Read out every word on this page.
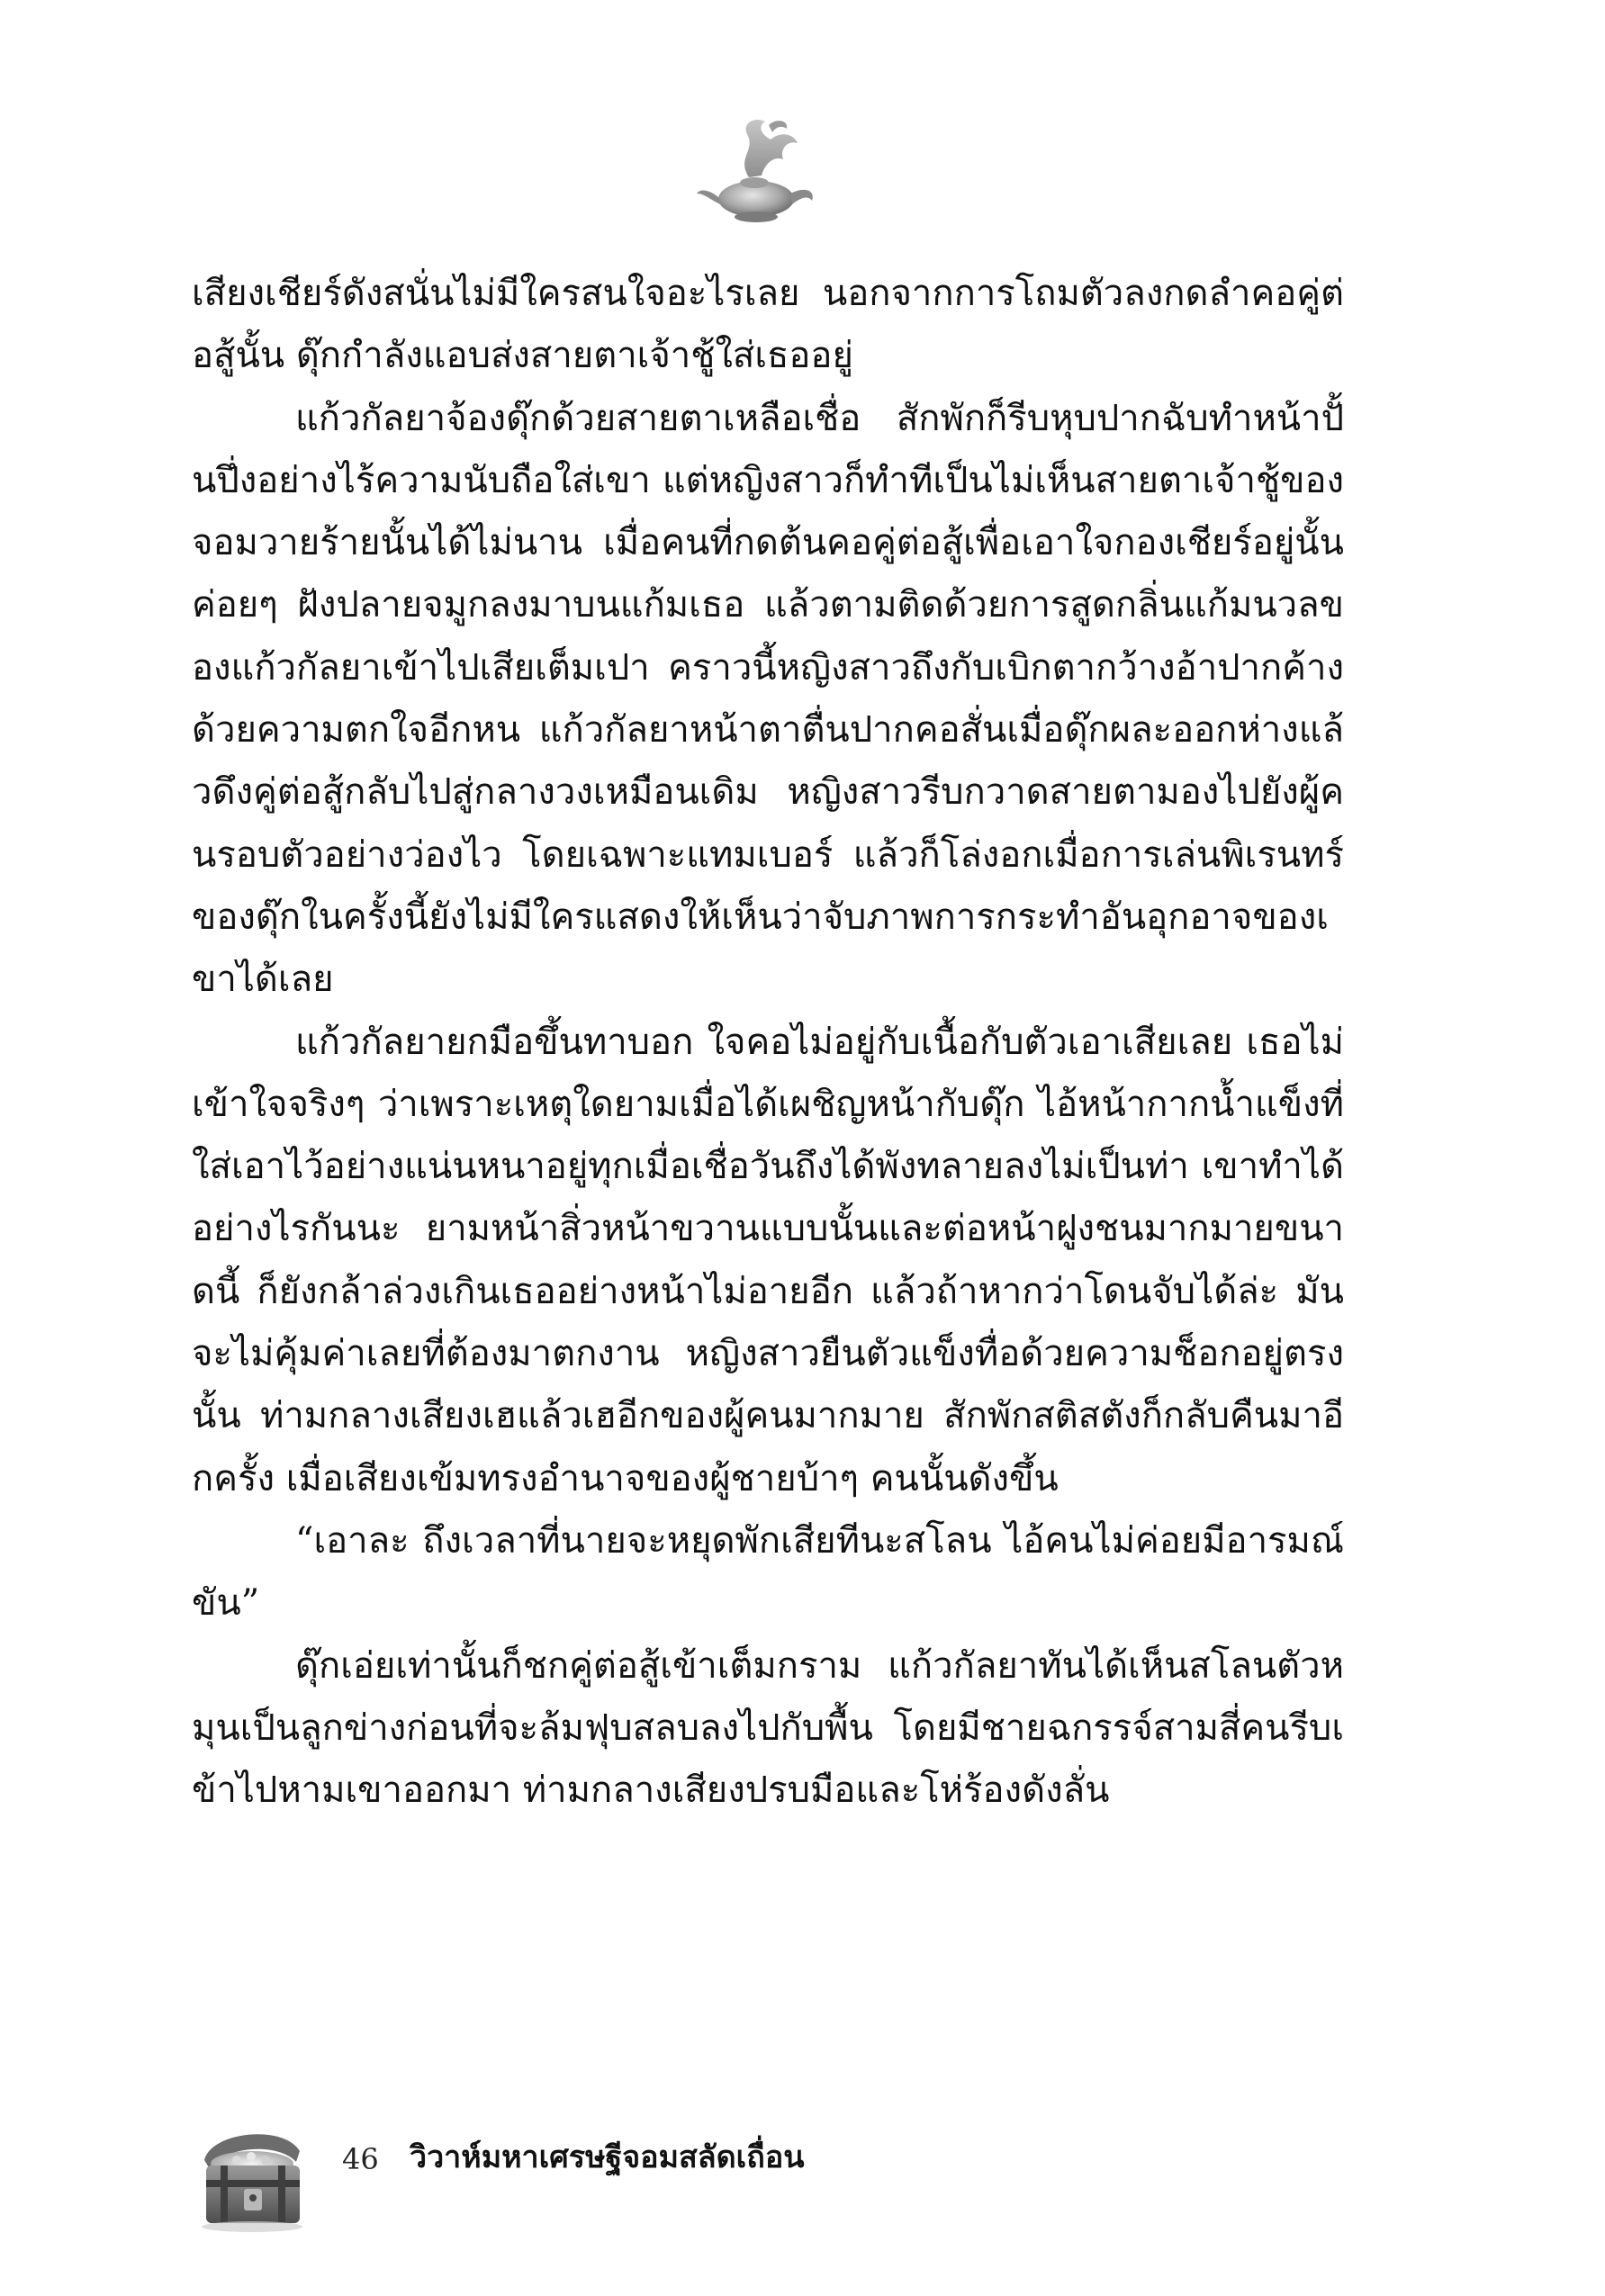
เสียงเชียร์ดังสนั่นไม่มีใครสนใจอะไรเลย นอกจากการโถมตัวลงกดลำคอคู่ต่อสู้นั้น ดุ๊กกำลังแอบส่งสายตาเจ้าชู้ใส่เธออยู่

แก้วกัลยาจ้องดุ๊กด้วยสายตาเหลือเชื่อ สักพักก็รีบหุบปากฉับทำหน้าปั้นปึ่งอย่างไร้ความนับถือใส่เขา แต่หญิงสาวก็ทำทีเป็นไม่เห็นสายตาเจ้าชู้ของจอมวายร้ายนั้นได้ไม่นาน เมื่อคนที่กดต้นคอคู่ต่อสู้เพื่อเอาใจกองเชียร์อยู่นั้น ค่อยๆ ฝังปลายจมูกลงมาบนแก้มเธอ แล้วตามติดด้วยการสูดกลิ่นแก้มนวลของแก้วกัลยาเข้าไปเสียเต็มเปา คราวนี้หญิงสาวถึงกับเบิกตากว้างอ้าปากค้างด้วยความตกใจอีกหน แก้วกัลยาหน้าตาตื่นปากคอสั่นเมื่อดุ๊กผละออกห่างแล้วดึงคู่ต่อสู้กลับไปสู่กลางวงเหมือนเดิม หญิงสาวรีบกวาดสายตามองไปยังผู้คนรอบตัวอย่างว่องไว โดยเฉพาะแทมเบอร์ แล้วก็โล่งอกเมื่อการเล่นพิเรนทร์ของดุ๊กในครั้งนี้ยังไม่มีใครแสดงให้เห็นว่าจับภาพการกระทำอันอุกอาจของเขาได้เลย

แก้วกัลยายกมือขึ้นทาบอก ใจคอไม่อยู่กับเนื้อกับตัวเอาเสียเลย เธอไม่เข้าใจจริงๆ ว่าเพราะเหตุใดยามเมื่อได้เผชิญหน้ากับดุ๊ก ไอ้หน้ากากน้ำแข็งที่ใส่เอาไว้อย่างแน่นหนาอยู่ทุกเมื่อเชื่อวันถึงได้พังทลายลงไม่เป็นท่า เขาทำได้อย่างไรกันนะ ยามหน้าสิ่วหน้าขวานแบบนั้นและต่อหน้าฝูงชนมากมายขนาดนี้ ก็ยังกล้าล่วงเกินเธออย่างหน้าไม่อายอีก แล้วถ้าหากว่าโดนจับได้ล่ะ มันจะไม่คุ้มค่าเลยที่ต้องมาตกงาน หญิงสาวยืนตัวแข็งทื่อด้วยความช็อกอยู่ตรงนั้น ท่ามกลางเสียงเฮแล้วเฮอีกของผู้คนมากมาย สักพักสติสตังก็กลับคืนมาอีกครั้ง เมื่อเสียงเข้มทรงอำนาจของผู้ชายบ้าๆ คนนั้นดังขึ้น

“เอาละ ถึงเวลาที่นายจะหยุดพักเสียทีนะสโลน ไอ้คนไม่ค่อยมีอารมณ์ขัน”

ดุ๊กเอ่ยเท่านั้นก็ชกคู่ต่อสู้เข้าเต็มกราม แก้วกัลยาทันได้เห็นสโลนตัวหมุนเป็นลูกข่างก่อนที่จะล้มฟุบสลบลงไปกับพื้น โดยมีชายฉกรรจ์สามสี่คนรีบเข้าไปหามเขาออกมา ท่ามกลางเสียงปรบมือและโห่ร้องดังลั่น

46 วิวาห์มหาเศรษฐีจอมสลัดเถื่อน
